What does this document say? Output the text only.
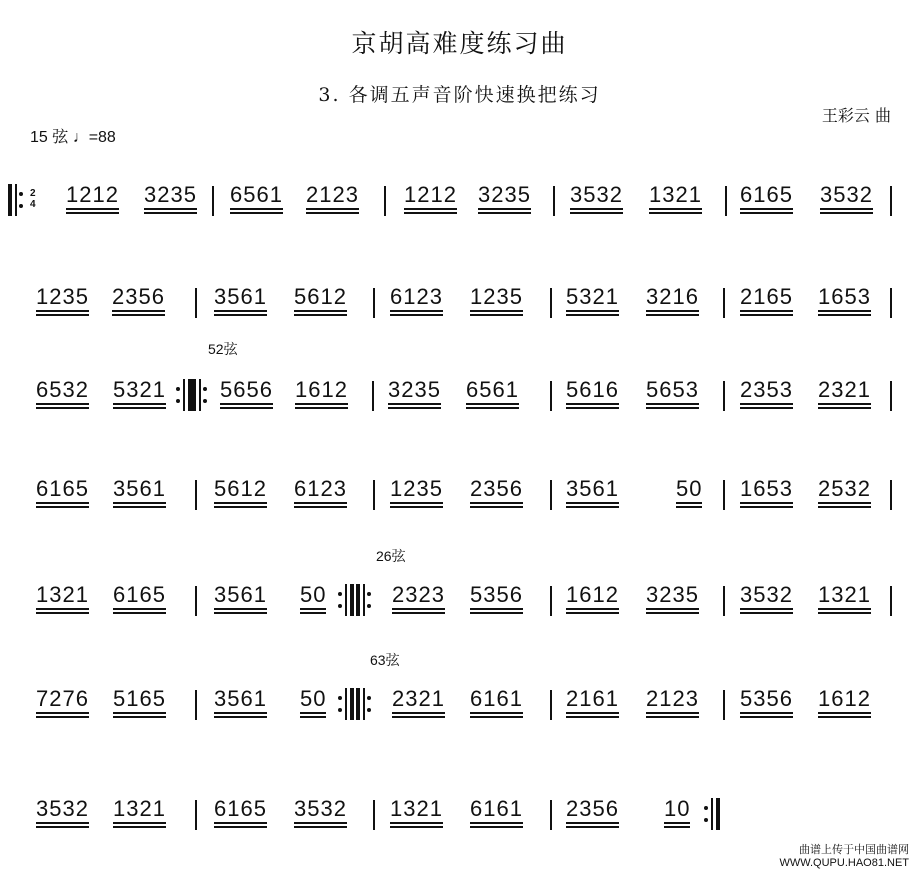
京胡高难度练习曲
3. 各调五声音阶快速换把练习
王彩云 曲
15 弦 ♩=88
2
4 1212 3235 6561 2123 1212 3235 3532 1321 6165 3532
1235 2356 3561 5612 6123 1235 5321 3216 2165 1653
6532 5321 5656 1612 3235 6561 5616 5653 2353 2321
52弦
6165 3561 5612 6123 1235 2356 3561	50 1653 2532
1321 6165 3561 50	2323 5356 1612 3235 3532 1321
26弦
7276 5165 3561 50	2321 6161 2161 2123 5356 1612
63弦
3532 1321 6165 3532 1321 6161 2356 10
曲谱上传于中国曲谱网
WWW.QUPU.HAO81.NET
